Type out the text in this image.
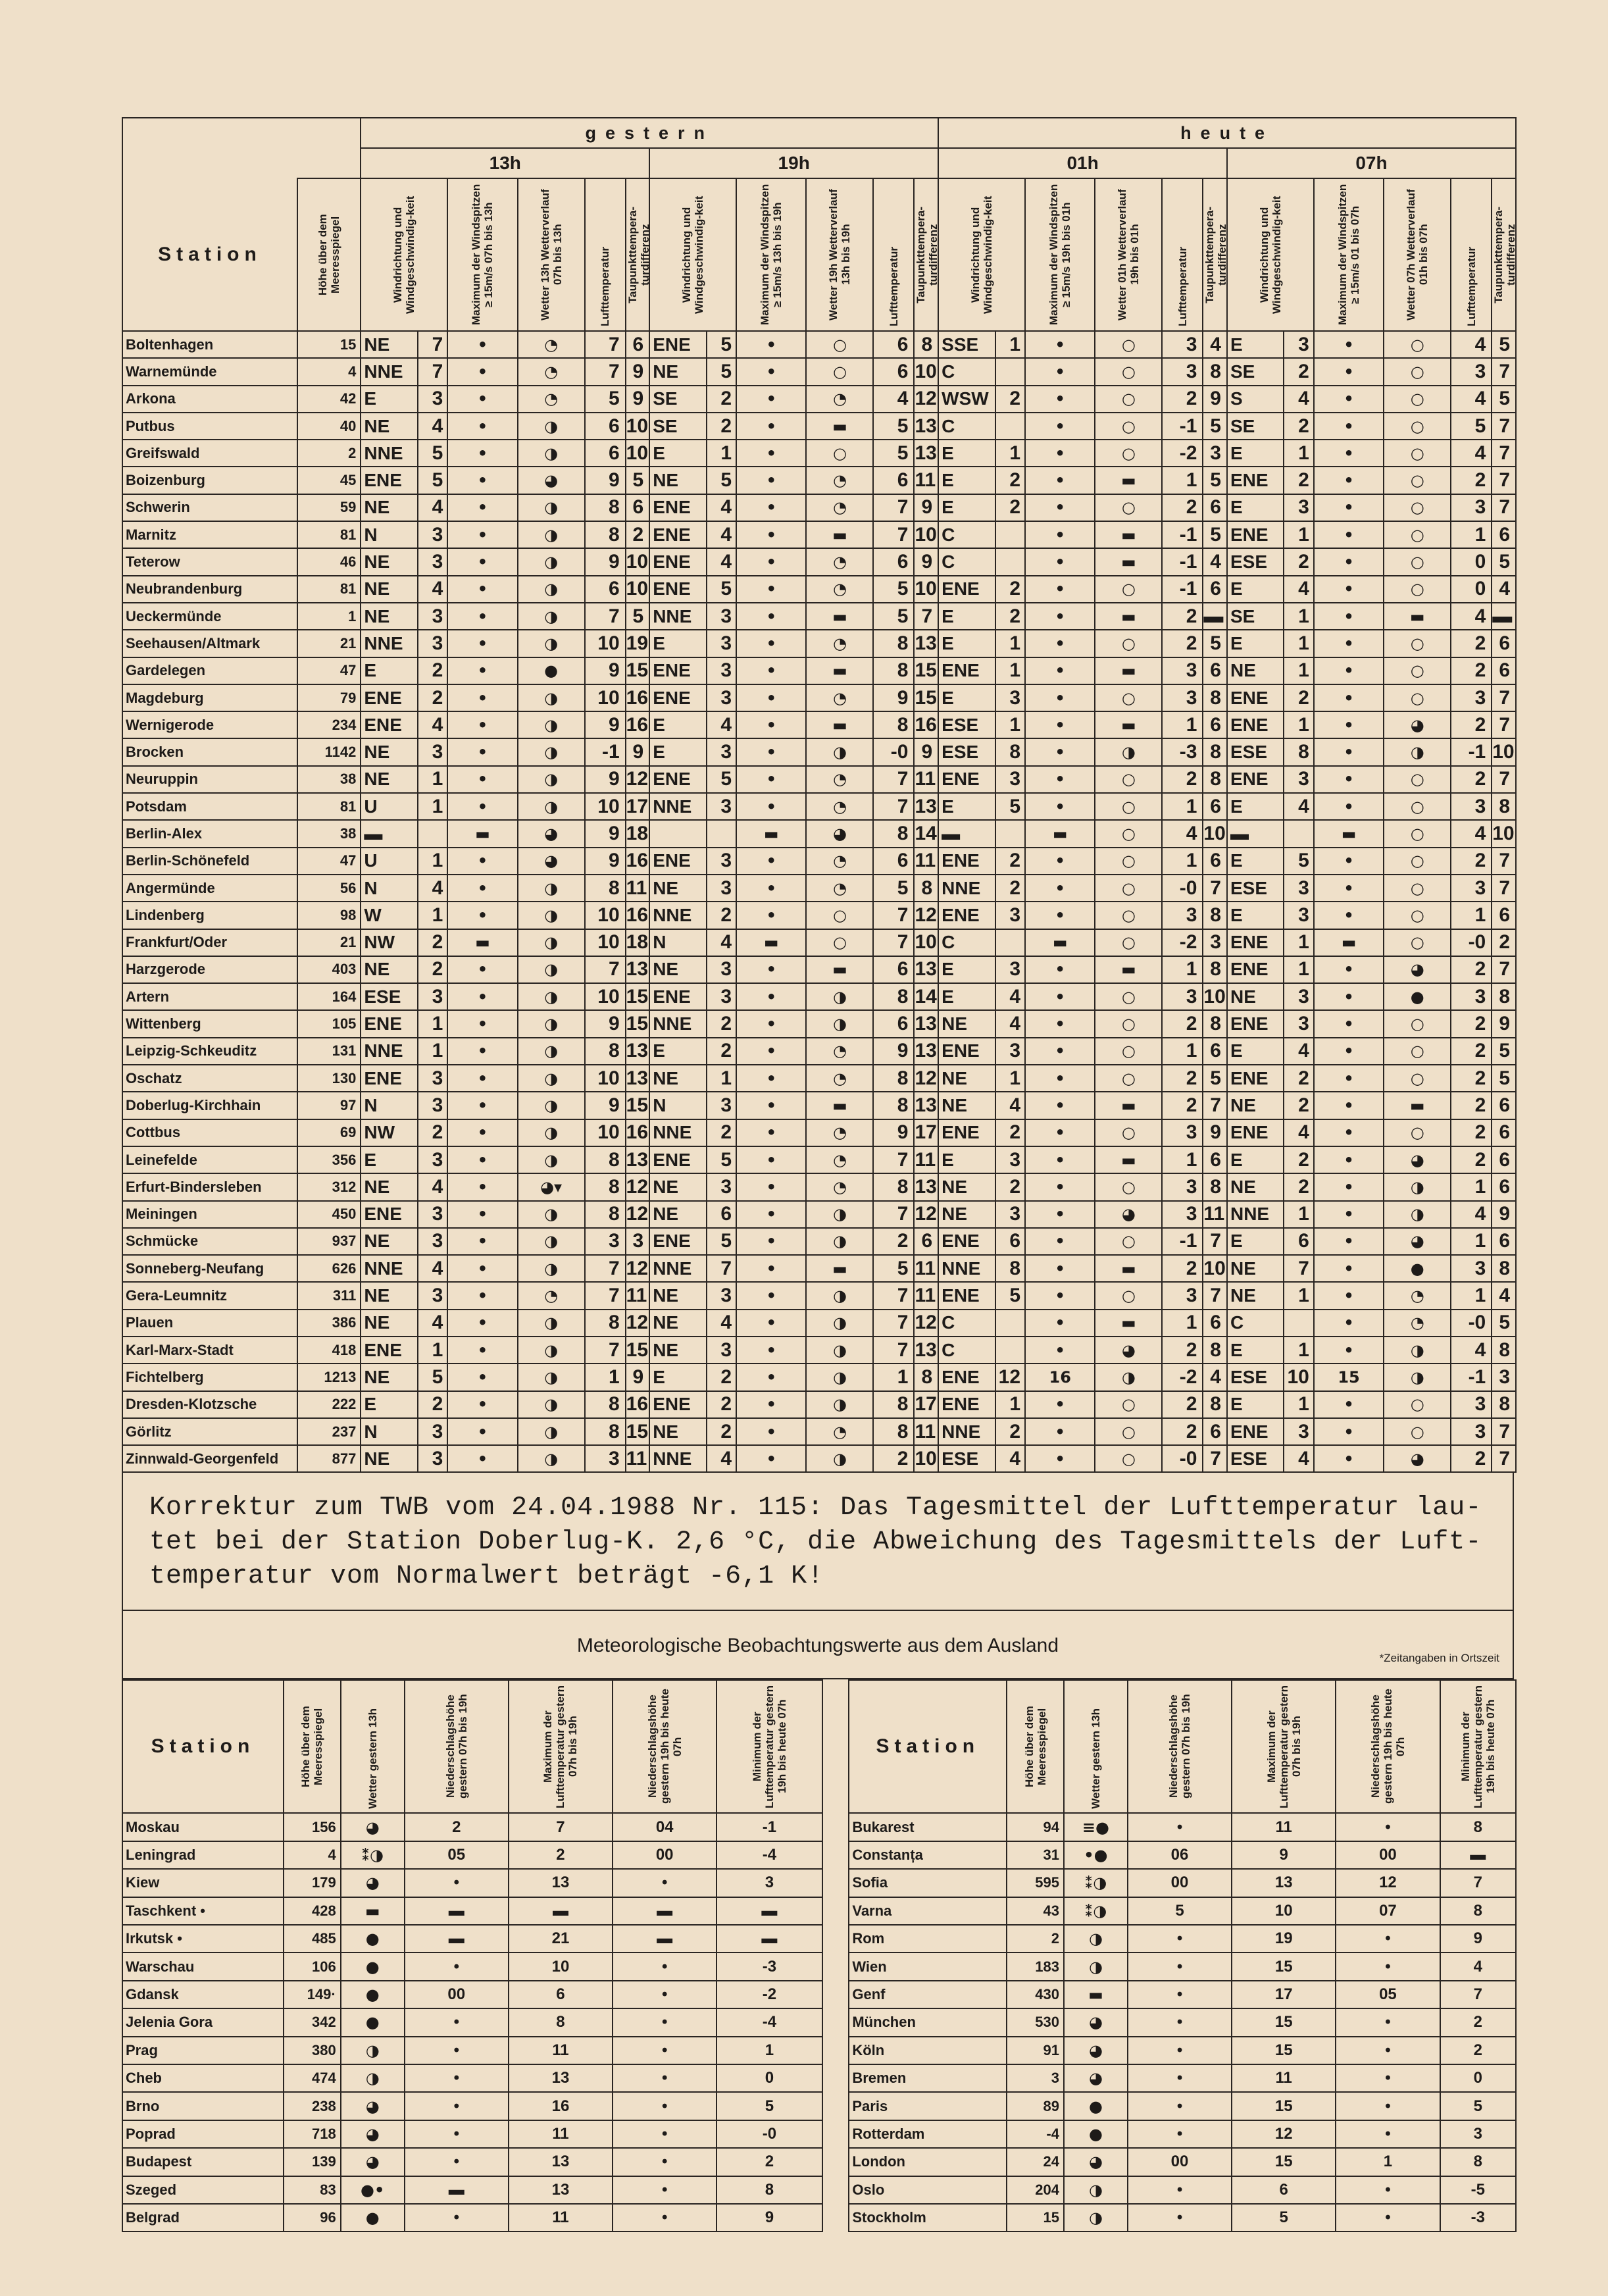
		gestern												heute											
		13h						19h						01h						07h					
Station	Höhe über dem Meeresspiegel	Windrichtung und Windgeschwindig-keit		Maximum der Windspitzen ≥ 15m/s 07h bis 13h	Wetter 13h Wetterverlauf 07h bis 13h	Lufttemperatur	Taupunkttempera-turdifferenz	Windrichtung und Windgeschwindig-keit		Maximum der Windspitzen ≥ 15m/s 13h bis 19h	Wetter 19h Wetterverlauf 13h bis 19h	Lufttemperatur	Taupunkttempera-turdifferenz	Windrichtung und Windgeschwindig-keit		Maximum der Windspitzen ≥ 15m/s 19h bis 01h	Wetter 01h Wetterverlauf 19h bis 01h	Lufttemperatur	Taupunkttempera-turdifferenz	Windrichtung und Windgeschwindig-keit		Maximum der Windspitzen ≥ 15m/s 01 bis 07h	Wetter 07h Wetterverlauf 01h bis 07h	Lufttemperatur	Taupunkttempera-turdifferenz

Boltenhagen	15	NE	7	•	◔	7	6	ENE	5	•	○	6	8	SSE	1	•	○	3	4	E	3	•	○	4	5
Warnemünde	4	NNE	7	•	◔	7	9	NE	5	•	○	6	10	C		•	○	3	8	SE	2	•	○	3	7
Arkona	42	E	3	•	◔	5	9	SE	2	•	◔	4	12	WSW	2	•	○	2	9	S	4	•	○	4	5
Putbus	40	NE	4	•	◑	6	10	SE	2	•	▬	5	13	C		•	○	-1	5	SE	2	•	○	5	7
Greifswald	2	NNE	5	•	◑	6	10	E	1	•	○	5	13	E	1	•	○	-2	3	E	1	•	○	4	7
Boizenburg	45	ENE	5	•	◕	9	5	NE	5	•	◔	6	11	E	2	•	▬	1	5	ENE	2	•	○	2	7
Schwerin	59	NE	4	•	◑	8	6	ENE	4	•	◔	7	9	E	2	•	○	2	6	E	3	•	○	3	7
Marnitz	81	N	3	•	◑	8	2	ENE	4	•	▬	7	10	C		•	▬	-1	5	ENE	1	•	○	1	6
Teterow	46	NE	3	•	◑	9	10	ENE	4	•	◔	6	9	C		•	▬	-1	4	ESE	2	•	○	0	5
Neubrandenburg	81	NE	4	•	◑	6	10	ENE	5	•	◔	5	10	ENE	2	•	○	-1	6	E	4	•	○	0	4
Ueckermünde	1	NE	3	•	◑	7	5	NNE	3	•	▬	5	7	E	2	•	▬	2	▬	SE	1	•	▬	4	▬
Seehausen/Altmark	21	NNE	3	•	◑	10	19	E	3	•	◔	8	13	E	1	•	○	2	5	E	1	•	○	2	6
Gardelegen	47	E	2	•	●	9	15	ENE	3	•	▬	8	15	ENE	1	•	▬	3	6	NE	1	•	○	2	6
Magdeburg	79	ENE	2	•	◑	10	16	ENE	3	•	◔	9	15	E	3	•	○	3	8	ENE	2	•	○	3	7
Wernigerode	234	ENE	4	•	◑	9	16	E	4	•	▬	8	16	ESE	1	•	▬	1	6	ENE	1	•	◕	2	7
Brocken	1142	NE	3	•	◑	-1	9	E	3	•	◑	-0	9	ESE	8	•	◑	-3	8	ESE	8	•	◑	-1	10
Neuruppin	38	NE	1	•	◑	9	12	ENE	5	•	◔	7	11	ENE	3	•	○	2	8	ENE	3	•	○	2	7
Potsdam	81	U	1	•	◑	10	17	NNE	3	•	◔	7	13	E	5	•	○	1	6	E	4	•	○	3	8
Berlin-Alex	38	▬		▬	◕	9	18			▬	◕	8	14	▬		▬	○	4	10	▬		▬	○	4	10
Berlin-Schönefeld	47	U	1	•	◕	9	16	ENE	3	•	◔	6	11	ENE	2	•	○	1	6	E	5	•	○	2	7
Angermünde	56	N	4	•	◑	8	11	NE	3	•	◔	5	8	NNE	2	•	○	-0	7	ESE	3	•	○	3	7
Lindenberg	98	W	1	•	◑	10	16	NNE	2	•	○	7	12	ENE	3	•	○	3	8	E	3	•	○	1	6
Frankfurt/Oder	21	NW	2	▬	◑	10	18	N	4	▬	○	7	10	C		▬	○	-2	3	ENE	1	▬	○	-0	2
Harzgerode	403	NE	2	•	◑	7	13	NE	3	•	▬	6	13	E	3	•	▬	1	8	ENE	1	•	◕	2	7
Artern	164	ESE	3	•	◑	10	15	ENE	3	•	◑	8	14	E	4	•	○	3	10	NE	3	•	●	3	8
Wittenberg	105	ENE	1	•	◑	9	15	NNE	2	•	◑	6	13	NE	4	•	○	2	8	ENE	3	•	○	2	9
Leipzig-Schkeuditz	131	NNE	1	•	◑	8	13	E	2	•	◔	9	13	ENE	3	•	○	1	6	E	4	•	○	2	5
Oschatz	130	ENE	3	•	◑	10	13	NE	1	•	◔	8	12	NE	1	•	○	2	5	ENE	2	•	○	2	5
Doberlug-Kirchhain	97	N	3	•	◑	9	15	N	3	•	▬	8	13	NE	4	•	▬	2	7	NE	2	•	▬	2	6
Cottbus	69	NW	2	•	◑	10	16	NNE	2	•	◔	9	17	ENE	2	•	○	3	9	ENE	4	•	○	2	6
Leinefelde	356	E	3	•	◑	8	13	ENE	5	•	◔	7	11	E	3	•	▬	1	6	E	2	•	◕	2	6
Erfurt-Bindersleben	312	NE	4	•	◕▾	8	12	NE	3	•	◔	8	13	NE	2	•	○	3	8	NE	2	•	◑	1	6
Meiningen	450	ENE	3	•	◑	8	12	NE	6	•	◑	7	12	NE	3	•	◕	3	11	NNE	1	•	◑	4	9
Schmücke	937	NE	3	•	◑	3	3	ENE	5	•	◑	2	6	ENE	6	•	○	-1	7	E	6	•	◕	1	6
Sonneberg-Neufang	626	NNE	4	•	◑	7	12	NNE	7	•	▬	5	11	NNE	8	•	▬	2	10	NE	7	•	●	3	8
Gera-Leumnitz	311	NE	3	•	◔	7	11	NE	3	•	◑	7	11	ENE	5	•	○	3	7	NE	1	•	◔	1	4
Plauen	386	NE	4	•	◑	8	12	NE	4	•	◑	7	12	C		•	▬	1	6	C		•	◔	-0	5
Karl-Marx-Stadt	418	ENE	1	•	◑	7	15	NE	3	•	◑	7	13	C		•	◕	2	8	E	1	•	◑	4	8
Fichtelberg	1213	NE	5	•	◑	1	9	E	2	•	◑	1	8	ENE	12	16	◑	-2	4	ESE	10	15	◑	-1	3
Dresden-Klotzsche	222	E	2	•	◑	8	16	ENE	2	•	◑	8	17	ENE	1	•	○	2	8	E	1	•	○	3	8
Görlitz	237	N	3	•	◑	8	15	NE	2	•	◔	8	11	NNE	2	•	○	2	6	ENE	3	•	○	3	7
Zinnwald-Georgenfeld	877	NE	3	•	◑	3	11	NNE	4	•	◑	2	10	ESE	4	•	○	-0	7	ESE	4	•	◕	2	7
Korrektur zum TWB vom 24.04.1988 Nr. 115: Das Tagesmittel der Lufttemperatur lau-
tet bei der Station Doberlug-K. 2,6 °C, die Abweichung des Tagesmittels der Luft-
temperatur vom Normalwert beträgt -6,1 K!
Meteorologische Beobachtungswerte aus dem Ausland
*Zeitangaben in Ortszeit
Station	Höhe über dem Meeresspiegel	Wetter gestern 13h	Niederschlagshöhe gestern 07h bis 19h	Maximum der Lufttemperatur gestern 07h bis 19h	Niederschlagshöhe gestern 19h bis heute 07h	Minimum der Lufttemperatur gestern 19h bis heute 07h		Station	Höhe über dem Meeresspiegel	Wetter gestern 13h	Niederschlagshöhe gestern 07h bis 19h	Maximum der Lufttemperatur gestern 07h bis 19h	Niederschlagshöhe gestern 19h bis heute 07h	Minimum der Lufttemperatur gestern 19h bis heute 07h

Moskau	156	◕	2	7	04	-1		Bukarest	94	≡●	•	11	•	8
Leningrad	4	⁑◑	05	2	00	-4		Constanța	31	•●	06	9	00	▬
Kiew	179	◕	•	13	•	3		Sofia	595	⁑◑	00	13	12	7
Taschkent •	428	▬	▬	▬	▬	▬		Varna	43	⁑◑	5	10	07	8
Irkutsk •	485	●	▬	21	▬	▬		Rom	2	◑	•	19	•	9
Warschau	106	●	•	10	•	-3		Wien	183	◑	•	15	•	4
Gdansk	149·	●	00	6	•	-2		Genf	430	▬	•	17	05	7
Jelenia Gora	342	●	•	8	•	-4		München	530	◕	•	15	•	2
Prag	380	◑	•	11	•	1		Köln	91	◕	•	15	•	2
Cheb	474	◑	•	13	•	0		Bremen	3	◕	•	11	•	0
Brno	238	◕	•	16	•	5		Paris	89	●	•	15	•	5
Poprad	718	◕	•	11	•	-0		Rotterdam	-4	●	•	12	•	3
Budapest	139	◕	•	13	•	2		London	24	◕	00	15	1	8
Szeged	83	●•	▬	13	•	8		Oslo	204	◑	•	6	•	-5
Belgrad	96	●	•	11	•	9		Stockholm	15	◑	•	5	•	-3
